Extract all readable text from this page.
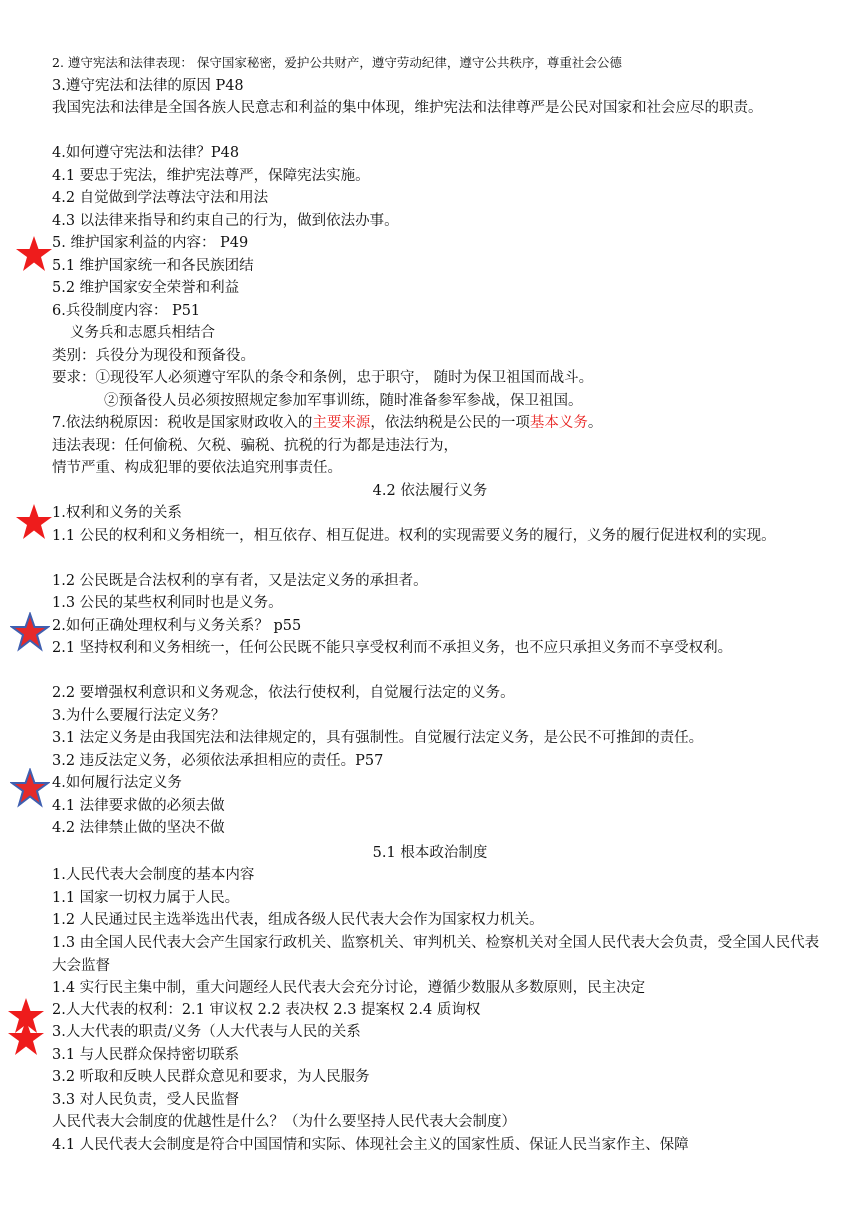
2. 遵守宪法和法律表现： 保守国家秘密，爱护公共财产，遵守劳动纪律，遵守公共秩序，尊重社会公德
3.遵守宪法和法律的原因 P48
我国宪法和法律是全国各族人民意志和利益的集中体现，维护宪法和法律尊严是公民对国家和社会应尽的职责。
4.如何遵守宪法和法律？P48
4.1 要忠于宪法，维护宪法尊严，保障宪法实施。
4.2 自觉做到学法尊法守法和用法
4.3 以法律来指导和约束自己的行为，做到依法办事。
5. 维护国家利益的内容： P49
5.1 维护国家统一和各民族团结
5.2 维护国家安全荣誉和利益
6.兵役制度内容： P51
义务兵和志愿兵相结合
类别：兵役分为现役和预备役。
要求：①现役军人必须遵守军队的条令和条例，忠于职守， 随时为保卫祖国而战斗。
②预备役人员必须按照规定参加军事训练，随时准备参军参战，保卫祖国。
7.依法纳税原因：税收是国家财政收入的主要来源，依法纳税是公民的一项基本义务。
违法表现：任何偷税、欠税、骗税、抗税的行为都是违法行为，
情节严重、构成犯罪的要依法追究刑事责任。
4.2 依法履行义务
1.权利和义务的关系
1.1 公民的权利和义务相统一，相互依存、相互促进。权利的实现需要义务的履行，义务的履行促进权利的实现。
1.2 公民既是合法权利的享有者，又是法定义务的承担者。
1.3 公民的某些权利同时也是义务。
2.如何正确处理权利与义务关系？ p55
2.1 坚持权利和义务相统一，任何公民既不能只享受权利而不承担义务，也不应只承担义务而不享受权利。
2.2 要增强权利意识和义务观念，依法行使权利，自觉履行法定的义务。
3.为什么要履行法定义务？
3.1 法定义务是由我国宪法和法律规定的，具有强制性。自觉履行法定义务，是公民不可推卸的责任。
3.2 违反法定义务，必须依法承担相应的责任。P57
4.如何履行法定义务
4.1 法律要求做的必须去做
4.2 法律禁止做的坚决不做
5.1 根本政治制度
1.人民代表大会制度的基本内容
1.1 国家一切权力属于人民。
1.2 人民通过民主选举选出代表，组成各级人民代表大会作为国家权力机关。
1.3 由全国人民代表大会产生国家行政机关、监察机关、审判机关、检察机关对全国人民代表大会负责，受全国人民代表大会监督
1.4 实行民主集中制，重大问题经人民代表大会充分讨论，遵循少数服从多数原则，民主决定
2.人大代表的权利：2.1 审议权 2.2 表决权 2.3 提案权 2.4 质询权
3.人大代表的职责/义务（人大代表与人民的关系
3.1 与人民群众保持密切联系
3.2 听取和反映人民群众意见和要求，为人民服务
3.3 对人民负责，受人民监督
人民代表大会制度的优越性是什么？（为什么要坚持人民代表大会制度）
4.1 人民代表大会制度是符合中国国情和实际、体现社会主义的国家性质、保证人民当家作主、保障
